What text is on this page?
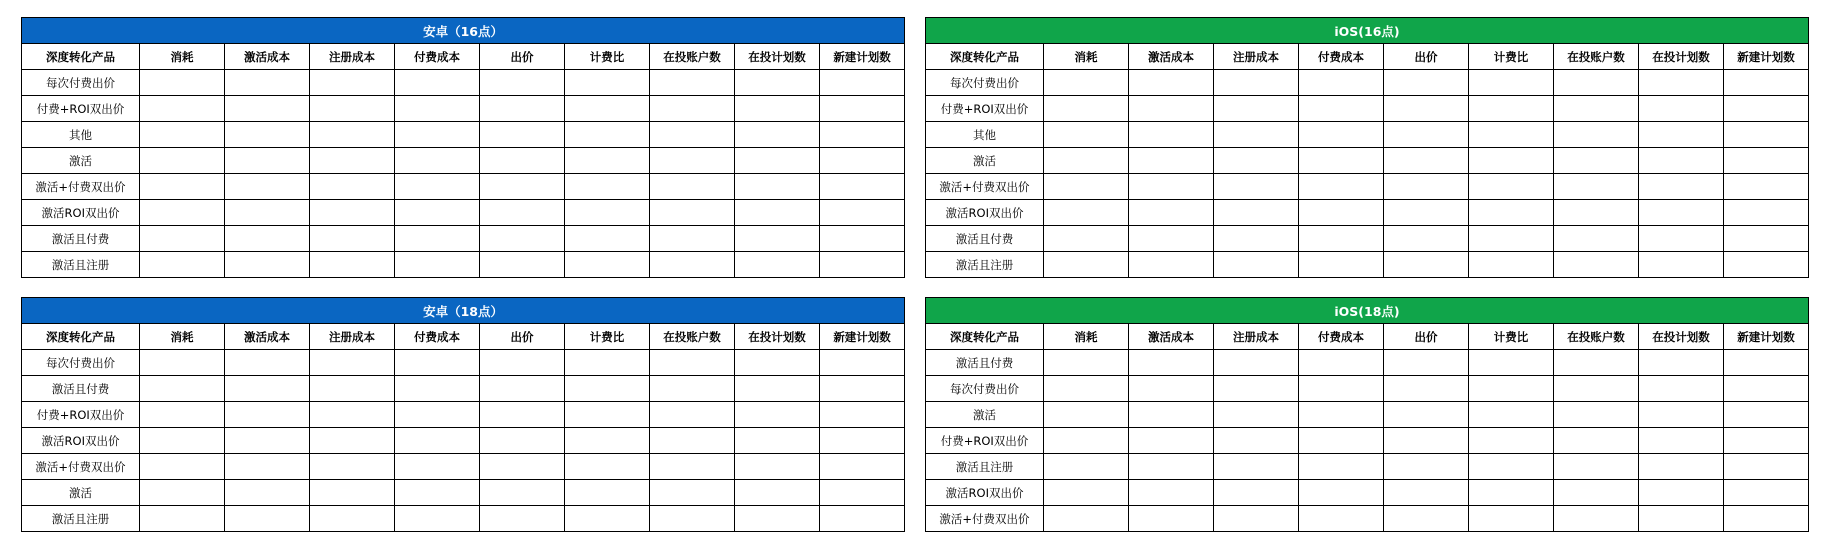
安卓（16点）									
深度转化产品	消耗	激活成本	注册成本	付费成本	出价	计费比	在投账户数	在投计划数	新建计划数
每次付费出价									
付费+ROI双出价									
其他									
激活									
激活+付费双出价									
激活ROI双出价									
激活且付费									
激活且注册									
iOS(16点)									
深度转化产品	消耗	激活成本	注册成本	付费成本	出价	计费比	在投账户数	在投计划数	新建计划数
每次付费出价									
付费+ROI双出价									
其他									
激活									
激活+付费双出价									
激活ROI双出价									
激活且付费									
激活且注册									
安卓（18点）									
深度转化产品	消耗	激活成本	注册成本	付费成本	出价	计费比	在投账户数	在投计划数	新建计划数
每次付费出价									
激活且付费									
付费+ROI双出价									
激活ROI双出价									
激活+付费双出价									
激活									
激活且注册									
iOS(18点)									
深度转化产品	消耗	激活成本	注册成本	付费成本	出价	计费比	在投账户数	在投计划数	新建计划数
激活且付费									
每次付费出价									
激活									
付费+ROI双出价									
激活且注册									
激活ROI双出价									
激活+付费双出价									
